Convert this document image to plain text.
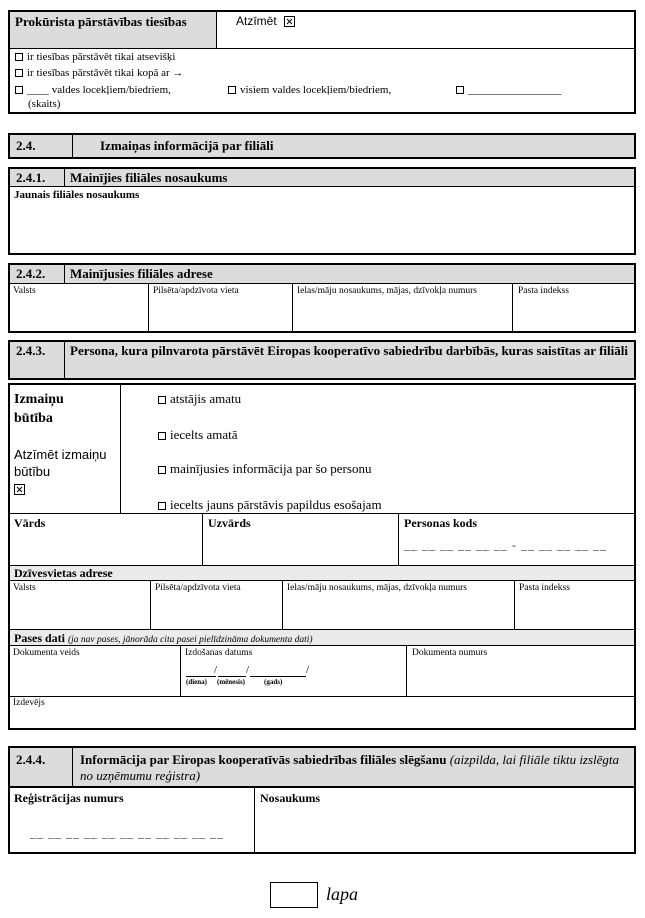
Prokūrista pārstāvības tiesības	Atzīmēt
ir tiesības pārstāvēt tikai atsevišķi
ir tiesības pārstāvēt tikai kopā ar →
____ valdes locekļiem/biedriem,
(skaits)
visiem valdes locekļiem/biedriem,	_________________
2.4.	Izmaiņas informācijā par filiāli
2.4.1. Mainījies filiāles nosaukums
Jaunais filiāles nosaukums
2.4.2. Mainījusies filiāles adrese
Valsts	Pilsēta/apdzīvota vieta	Ielas/māju nosaukums, mājas, dzīvokļa numurs	Pasta indekss
2.4.3. Persona, kura pilnvarota pārstāvēt Eiropas kooperatīvo sabiedrību darbībās, kuras saistītas ar filiāli
Izmaiņu būtība
Atzīmēt izmaiņu būtību

atstājis amatu
iecelts amatā
mainījusies informācija par šo personu
iecelts jauns pārstāvis papildus esošajam
Vārds	Uzvārds	Personas kods
__ __ __ __ __ __ - __ __ __ __ __
Dzīvesvietas adrese
Valsts	Pilsēta/apdzīvota vieta	Ielas/māju nosaukums, mājas, dzīvokļa numurs	Pasta indekss
Pases dati (ja nav pases, jānorāda cita pasei pielīdzināma dokumenta dati)
Dokumenta veids	Izdošanas datums	Dokumenta numurs
/	/	/
(diena) (mēnesis)	(gads)
Izdevējs
2.4.4.	Informācija par Eiropas kooperatīvās sabiedrības filiāles slēgšanu (aizpilda, lai filiāle tiktu izslēgta no uzņēmumu reģistra)
Reģistrācijas numurs	Nosaukums
__ __ __ __ __ __ __ __ __ __ __
lapa
